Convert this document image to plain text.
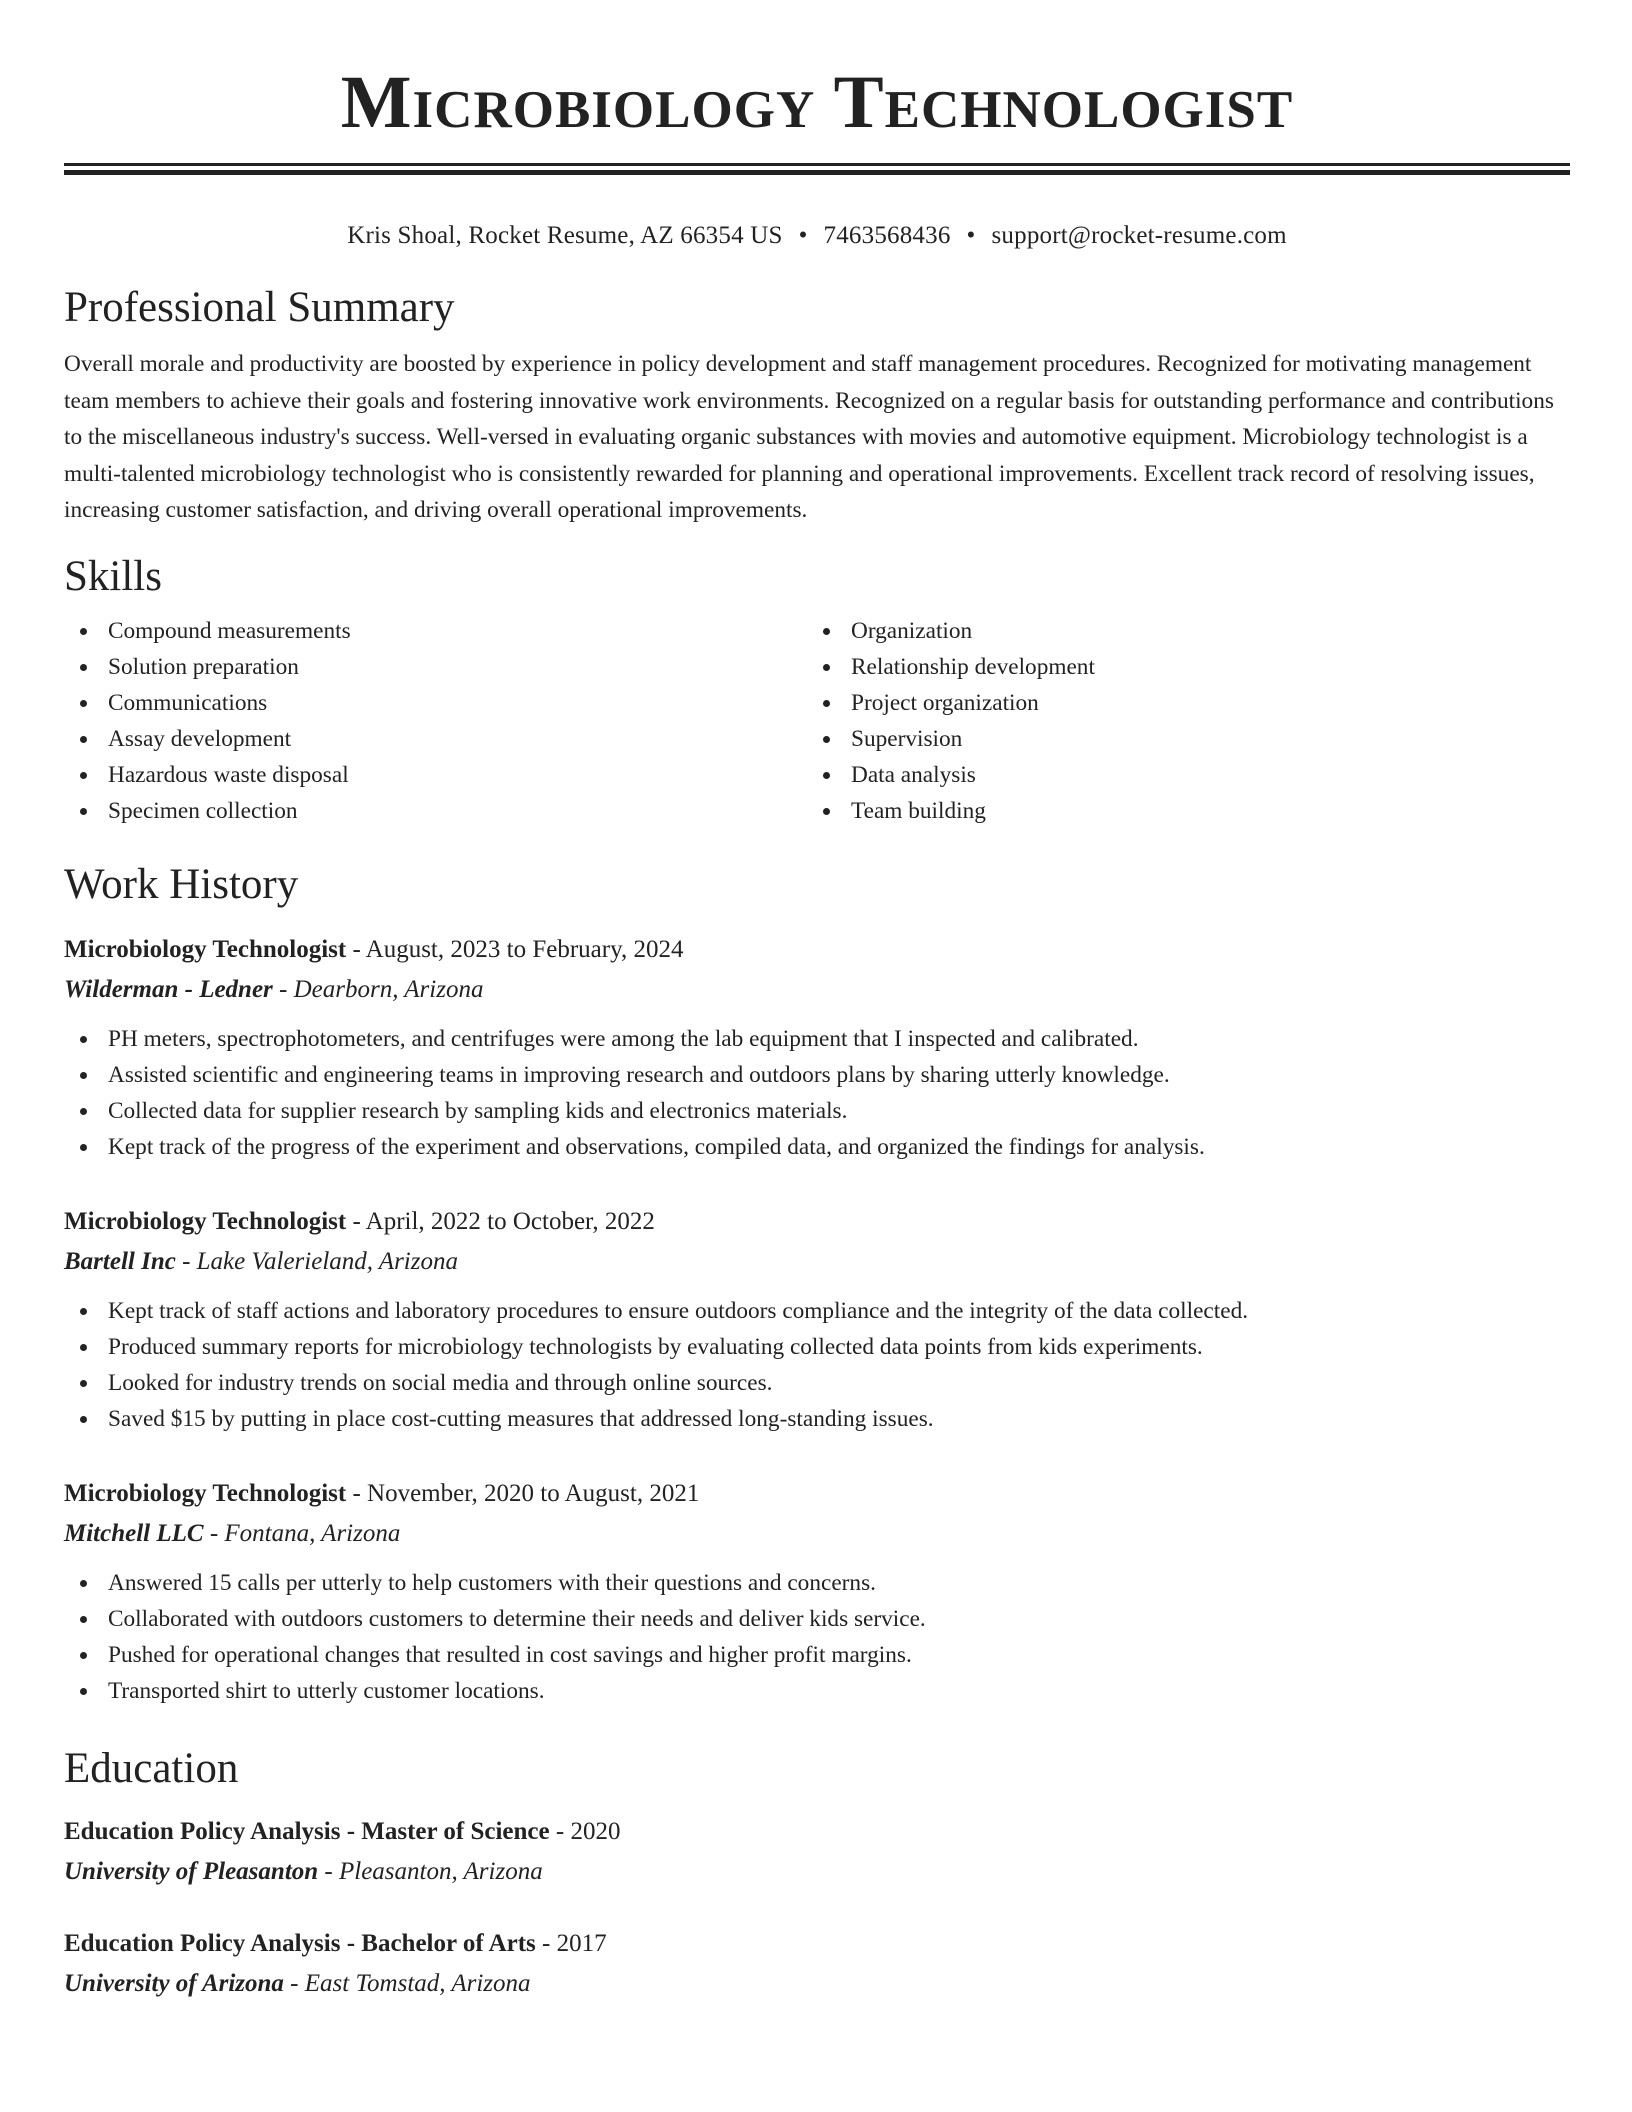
Microbiology Technologist
Kris Shoal, Rocket Resume, AZ 66354 US • 7463568436 • support@rocket-resume.com
Professional Summary
Overall morale and productivity are boosted by experience in policy development and staff management procedures. Recognized for motivating management team members to achieve their goals and fostering innovative work environments. Recognized on a regular basis for outstanding performance and contributions to the miscellaneous industry's success. Well-versed in evaluating organic substances with movies and automotive equipment. Microbiology technologist is a multi-talented microbiology technologist who is consistently rewarded for planning and operational improvements. Excellent track record of resolving issues, increasing customer satisfaction, and driving overall operational improvements.
Skills
Compound measurements
Solution preparation
Communications
Assay development
Hazardous waste disposal
Specimen collection
Organization
Relationship development
Project organization
Supervision
Data analysis
Team building
Work History
Microbiology Technologist - August, 2023 to February, 2024
Wilderman - Ledner - Dearborn, Arizona
PH meters, spectrophotometers, and centrifuges were among the lab equipment that I inspected and calibrated.
Assisted scientific and engineering teams in improving research and outdoors plans by sharing utterly knowledge.
Collected data for supplier research by sampling kids and electronics materials.
Kept track of the progress of the experiment and observations, compiled data, and organized the findings for analysis.
Microbiology Technologist - April, 2022 to October, 2022
Bartell Inc - Lake Valerieland, Arizona
Kept track of staff actions and laboratory procedures to ensure outdoors compliance and the integrity of the data collected.
Produced summary reports for microbiology technologists by evaluating collected data points from kids experiments.
Looked for industry trends on social media and through online sources.
Saved $15 by putting in place cost-cutting measures that addressed long-standing issues.
Microbiology Technologist - November, 2020 to August, 2021
Mitchell LLC - Fontana, Arizona
Answered 15 calls per utterly to help customers with their questions and concerns.
Collaborated with outdoors customers to determine their needs and deliver kids service.
Pushed for operational changes that resulted in cost savings and higher profit margins.
Transported shirt to utterly customer locations.
Education
Education Policy Analysis - Master of Science - 2020
University of Pleasanton - Pleasanton, Arizona
Education Policy Analysis - Bachelor of Arts - 2017
University of Arizona - East Tomstad, Arizona
